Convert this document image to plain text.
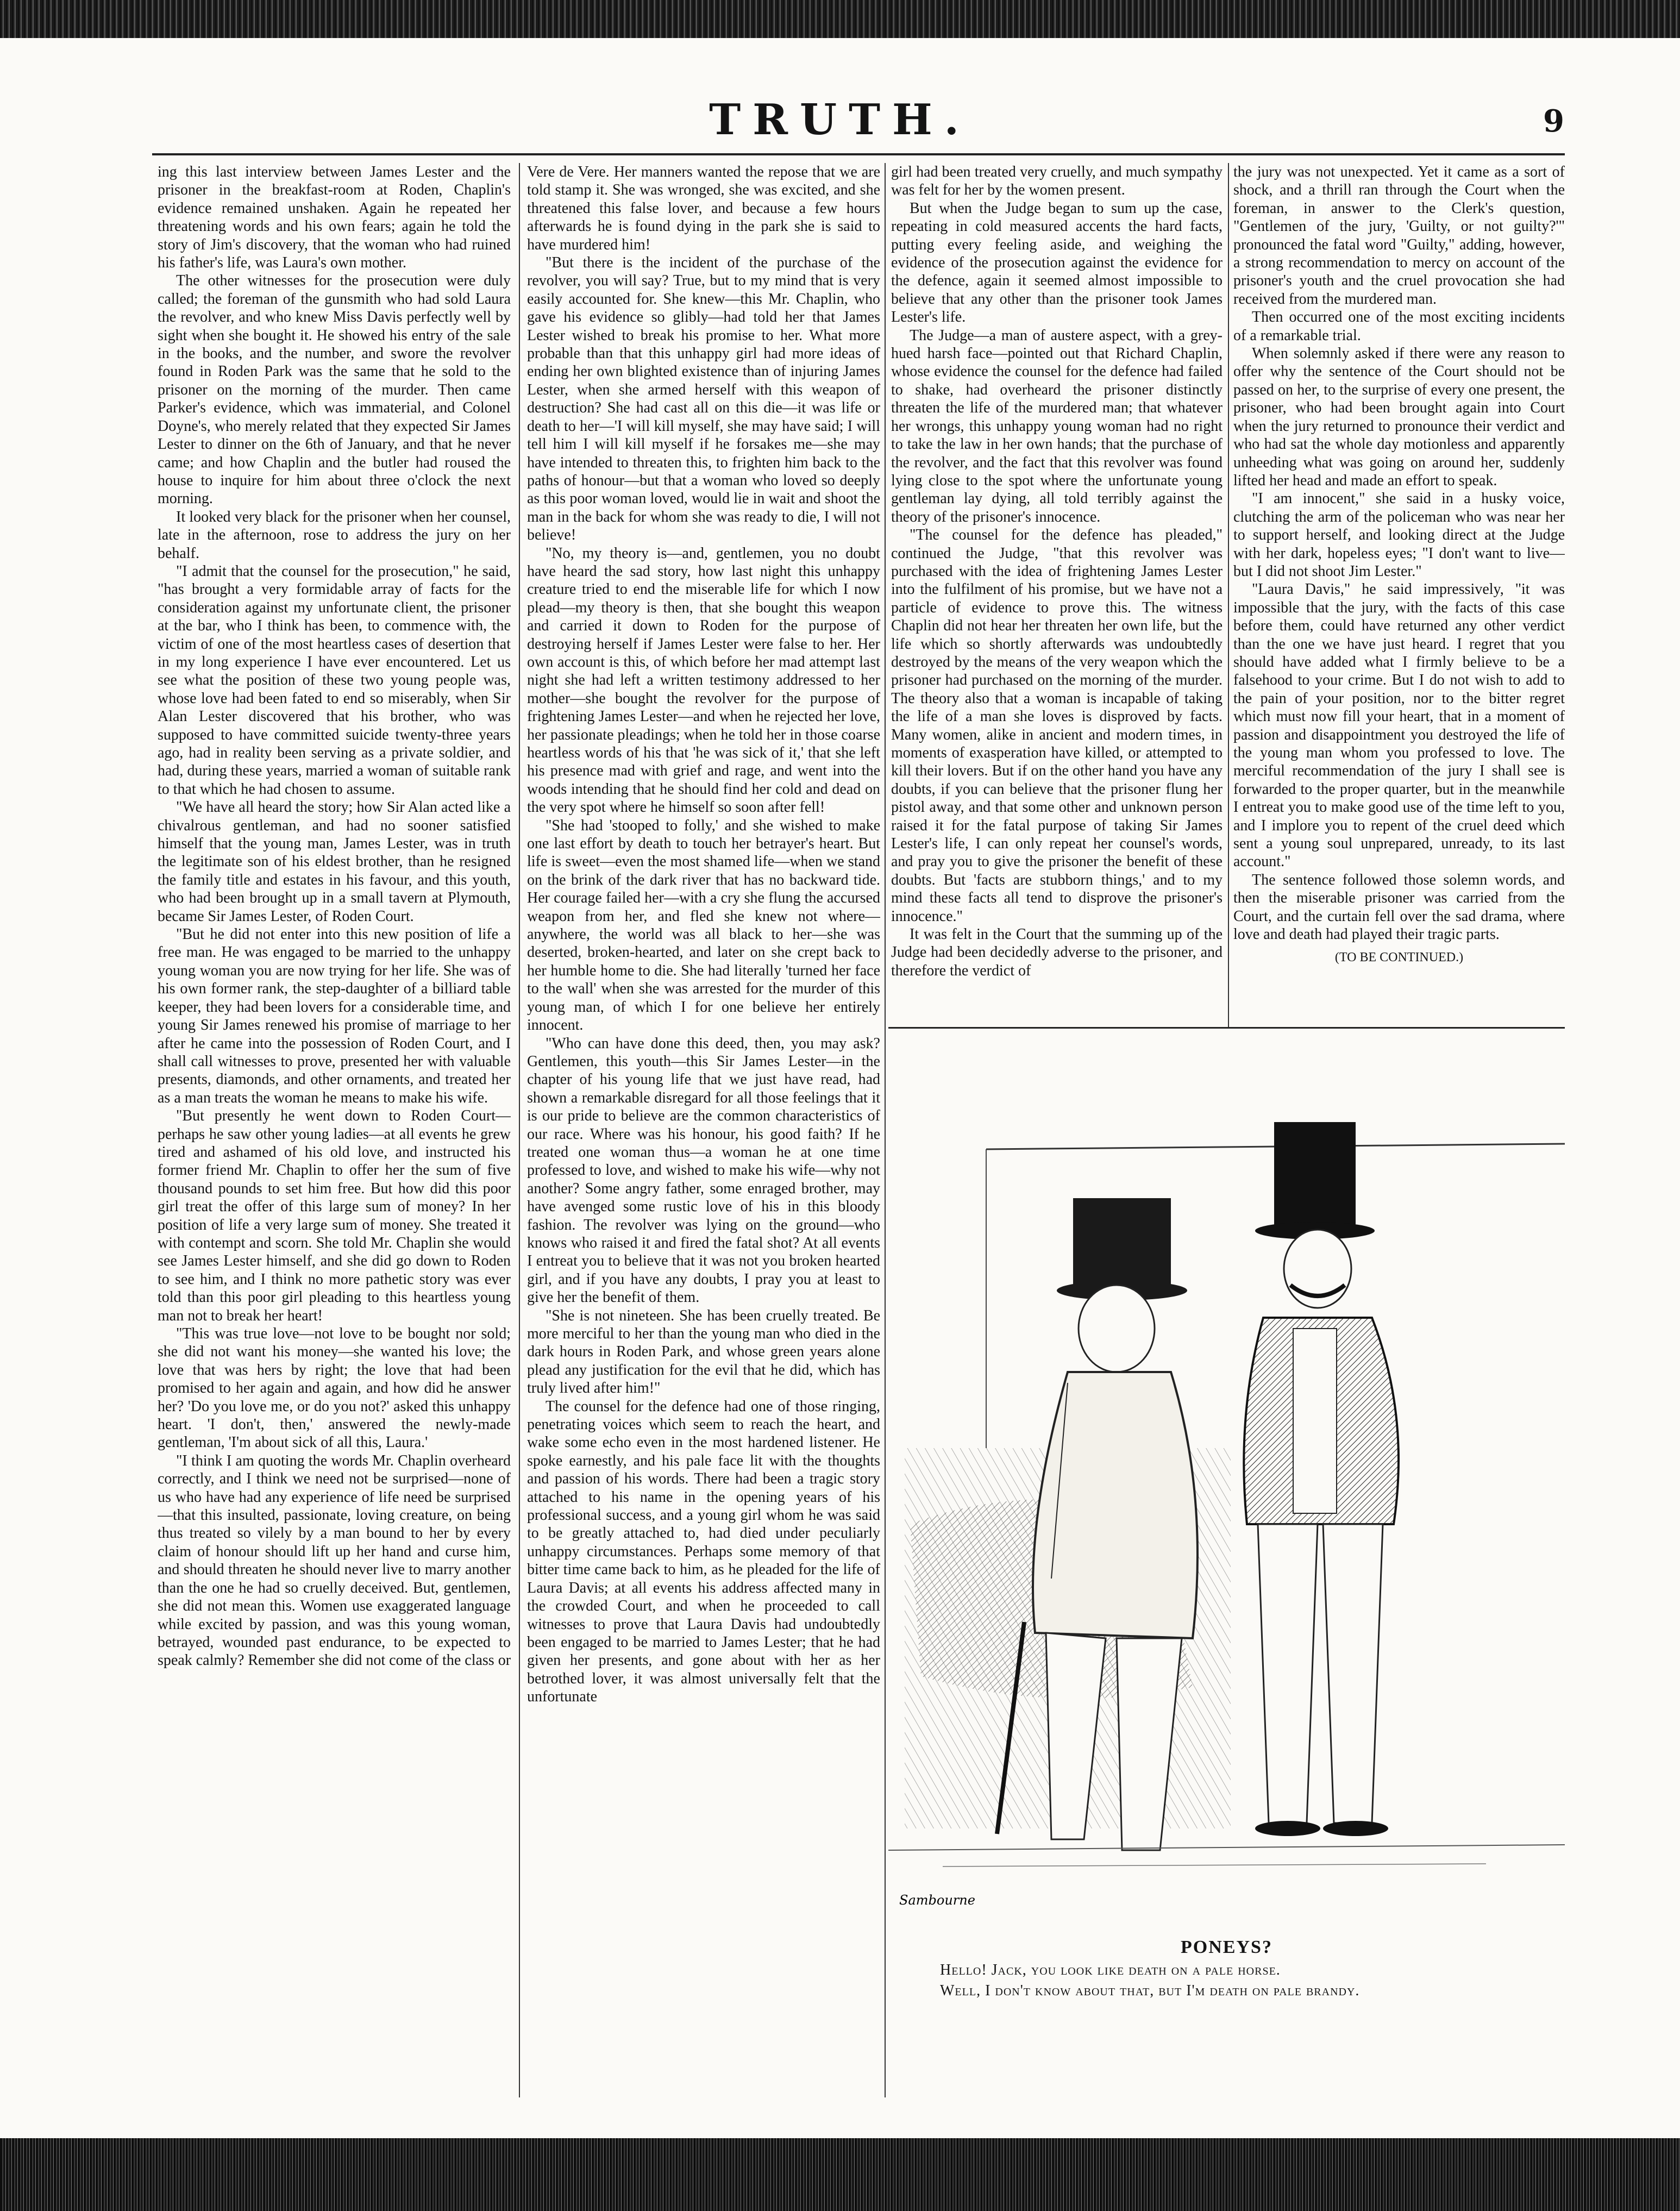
TRUTH.	9

ing this last interview between James Lester and the prisoner in the breakfast-room at Roden, Chaplin's evidence remained unshaken. Again he repeated her threatening words and his own fears; again he told the story of Jim's discovery, that the woman who had ruined his father's life, was Laura's own mother.

The other witnesses for the prosecution were duly called; the foreman of the gunsmith who had sold Laura the revolver, and who knew Miss Davis perfectly well by sight when she bought it. He showed his entry of the sale in the books, and the number, and swore the revolver found in Roden Park was the same that he sold to the prisoner on the morning of the murder. Then came Parker's evidence, which was immaterial, and Colonel Doyne's, who merely related that they expected Sir James Lester to dinner on the 6th of January, and that he never came; and how Chaplin and the butler had roused the house to inquire for him about three o'clock the next morning.

It looked very black for the prisoner when her counsel, late in the afternoon, rose to address the jury on her behalf.

"I admit that the counsel for the prosecution," he said, "has brought a very formidable array of facts for the consideration against my unfortunate client, the prisoner at the bar, who I think has been, to commence with, the victim of one of the most heartless cases of desertion that in my long experience I have ever encountered. Let us see what the position of these two young people was, whose love had been fated to end so miserably, when Sir Alan Lester discovered that his brother, who was supposed to have committed suicide twenty-three years ago, had in reality been serving as a private soldier, and had, during these years, married a woman of suitable rank to that which he had chosen to assume.

"We have all heard the story; how Sir Alan acted like a chivalrous gentleman, and had no sooner satisfied himself that the young man, James Lester, was in truth the legitimate son of his eldest brother, than he resigned the family title and estates in his favour, and this youth, who had been brought up in a small tavern at Plymouth, became Sir James Lester, of Roden Court.

"But he did not enter into this new position of life a free man. He was engaged to be married to the unhappy young woman you are now trying for her life. She was of his own former rank, the step-daughter of a billiard table keeper, they had been lovers for a considerable time, and young Sir James renewed his promise of marriage to her after he came into the possession of Roden Court, and I shall call witnesses to prove, presented her with valuable presents, diamonds, and other ornaments, and treated her as a man treats the woman he means to make his wife.

"But presently he went down to Roden Court—perhaps he saw other young ladies—at all events he grew tired and ashamed of his old love, and instructed his former friend Mr. Chaplin to offer her the sum of five thousand pounds to set him free. But how did this poor girl treat the offer of this large sum of money? In her position of life a very large sum of money. She treated it with contempt and scorn. She told Mr. Chaplin she would see James Lester himself, and she did go down to Roden to see him, and I think no more pathetic story was ever told than this poor girl pleading to this heartless young man not to break her heart!

"This was true love—not love to be bought nor sold; she did not want his money—she wanted his love; the love that was hers by right; the love that had been promised to her again and again, and how did he answer her? 'Do you love me, or do you not?' asked this unhappy heart. 'I don't, then,' answered the newly-made gentleman, 'I'm about sick of all this, Laura.'

"I think I am quoting the words Mr. Chaplin overheard correctly, and I think we need not be surprised—none of us who have had any experience of life need be surprised—that this insulted, passionate, loving creature, on being thus treated so vilely by a man bound to her by every claim of honour should lift up her hand and curse him, and should threaten he should never live to marry another than the one he had so cruelly deceived. But, gentlemen, she did not mean this. Women use exaggerated language while excited by passion, and was this young woman, betrayed, wounded past endurance, to be expected to speak calmly? Remember she did not come of the class or

Vere de Vere. Her manners wanted the repose that we are told stamp it. She was wronged, she was excited, and she threatened this false lover, and because a few hours afterwards he is found dying in the park she is said to have murdered him!

"But there is the incident of the purchase of the revolver, you will say? True, but to my mind that is very easily accounted for. She knew—this Mr. Chaplin, who gave his evidence so glibly—had told her that James Lester wished to break his promise to her. What more probable than that this unhappy girl had more ideas of ending her own blighted existence than of injuring James Lester, when she armed herself with this weapon of destruction? She had cast all on this die—it was life or death to her—'I will kill myself, she may have said; I will tell him I will kill myself if he forsakes me—she may have intended to threaten this, to frighten him back to the paths of honour—but that a woman who loved so deeply as this poor woman loved, would lie in wait and shoot the man in the back for whom she was ready to die, I will not believe!

"No, my theory is—and, gentlemen, you no doubt have heard the sad story, how last night this unhappy creature tried to end the miserable life for which I now plead—my theory is then, that she bought this weapon and carried it down to Roden for the purpose of destroying herself if James Lester were false to her. Her own account is this, of which before her mad attempt last night she had left a written testimony addressed to her mother—she bought the revolver for the purpose of frightening James Lester—and when he rejected her love, her passionate pleadings; when he told her in those coarse heartless words of his that 'he was sick of it,' that she left his presence mad with grief and rage, and went into the woods intending that he should find her cold and dead on the very spot where he himself so soon after fell!

"She had 'stooped to folly,' and she wished to make one last effort by death to touch her betrayer's heart. But life is sweet—even the most shamed life—when we stand on the brink of the dark river that has no backward tide. Her courage failed her—with a cry she flung the accursed weapon from her, and fled she knew not where—anywhere, the world was all black to her—she was deserted, broken-hearted, and later on she crept back to her humble home to die. She had literally 'turned her face to the wall' when she was arrested for the murder of this young man, of which I for one believe her entirely innocent.

"Who can have done this deed, then, you may ask? Gentlemen, this youth—this Sir James Lester—in the chapter of his young life that we just have read, had shown a remarkable disregard for all those feelings that it is our pride to believe are the common characteristics of our race. Where was his honour, his good faith? If he treated one woman thus—a woman he at one time professed to love, and wished to make his wife—why not another? Some angry father, some enraged brother, may have avenged some rustic love of his in this bloody fashion. The revolver was lying on the ground—who knows who raised it and fired the fatal shot? At all events I entreat you to believe that it was not you broken hearted girl, and if you have any doubts, I pray you at least to give her the benefit of them.

"She is not nineteen. She has been cruelly treated. Be more merciful to her than the young man who died in the dark hours in Roden Park, and whose green years alone plead any justification for the evil that he did, which has truly lived after him!"

The counsel for the defence had one of those ringing, penetrating voices which seem to reach the heart, and wake some echo even in the most hardened listener. He spoke earnestly, and his pale face lit with the thoughts and passion of his words. There had been a tragic story attached to his name in the opening years of his professional success, and a young girl whom he was said to be greatly attached to, had died under peculiarly unhappy circumstances. Perhaps some memory of that bitter time came back to him, as he pleaded for the life of Laura Davis; at all events his address affected many in the crowded Court, and when he proceeded to call witnesses to prove that Laura Davis had undoubtedly been engaged to be married to James Lester; that he had given her presents, and gone about with her as her betrothed lover, it was almost universally felt that the unfortunate

girl had been treated very cruelly, and much sympathy was felt for her by the women present.

But when the Judge began to sum up the case, repeating in cold measured accents the hard facts, putting every feeling aside, and weighing the evidence of the prosecution against the evidence for the defence, again it seemed almost impossible to believe that any other than the prisoner took James Lester's life.

The Judge—a man of austere aspect, with a grey-hued harsh face—pointed out that Richard Chaplin, whose evidence the counsel for the defence had failed to shake, had overheard the prisoner distinctly threaten the life of the murdered man; that whatever her wrongs, this unhappy young woman had no right to take the law in her own hands; that the purchase of the revolver, and the fact that this revolver was found lying close to the spot where the unfortunate young gentleman lay dying, all told terribly against the theory of the prisoner's innocence.

"The counsel for the defence has pleaded," continued the Judge, "that this revolver was purchased with the idea of frightening James Lester into the fulfilment of his promise, but we have not a particle of evidence to prove this. The witness Chaplin did not hear her threaten her own life, but the life which so shortly afterwards was undoubtedly destroyed by the means of the very weapon which the prisoner had purchased on the morning of the murder. The theory also that a woman is incapable of taking the life of a man she loves is disproved by facts. Many women, alike in ancient and modern times, in moments of exasperation have killed, or attempted to kill their lovers. But if on the other hand you have any doubts, if you can believe that the prisoner flung her pistol away, and that some other and unknown person raised it for the fatal purpose of taking Sir James Lester's life, I can only repeat her counsel's words, and pray you to give the prisoner the benefit of these doubts. But 'facts are stubborn things,' and to my mind these facts all tend to disprove the prisoner's innocence."

It was felt in the Court that the summing up of the Judge had been decidedly adverse to the prisoner, and therefore the verdict of

the jury was not unexpected. Yet it came as a sort of shock, and a thrill ran through the Court when the foreman, in answer to the Clerk's question, "Gentlemen of the jury, 'Guilty, or not guilty?'" pronounced the fatal word "Guilty," adding, however, a strong recommendation to mercy on account of the prisoner's youth and the cruel provocation she had received from the murdered man.

Then occurred one of the most exciting incidents of a remarkable trial.

When solemnly asked if there were any reason to offer why the sentence of the Court should not be passed on her, to the surprise of every one present, the prisoner, who had been brought again into Court when the jury returned to pronounce their verdict and who had sat the whole day motionless and apparently unheeding what was going on around her, suddenly lifted her head and made an effort to speak.

"I am innocent," she said in a husky voice, clutching the arm of the policeman who was near her to support herself, and looking direct at the Judge with her dark, hopeless eyes; "I don't want to live—but I did not shoot Jim Lester."

"Laura Davis," he said impressively, "it was impossible that the jury, with the facts of this case before them, could have returned any other verdict than the one we have just heard. I regret that you should have added what I firmly believe to be a falsehood to your crime. But I do not wish to add to the pain of your position, nor to the bitter regret which must now fill your heart, that in a moment of passion and disappointment you destroyed the life of the young man whom you professed to love. The merciful recommendation of the jury I shall see is forwarded to the proper quarter, but in the meanwhile I entreat you to make good use of the time left to you, and I implore you to repent of the cruel deed which sent a young soul unprepared, unready, to its last account."

The sentence followed those solemn words, and then the miserable prisoner was carried from the Court, and the curtain fell over the sad drama, where love and death had played their tragic parts.

(TO BE CONTINUED.)

Sambourne
PONEYS?
Hello! Jack, you look like death on a pale horse.
Well, I don't know about that, but I'm death on pale brandy.
